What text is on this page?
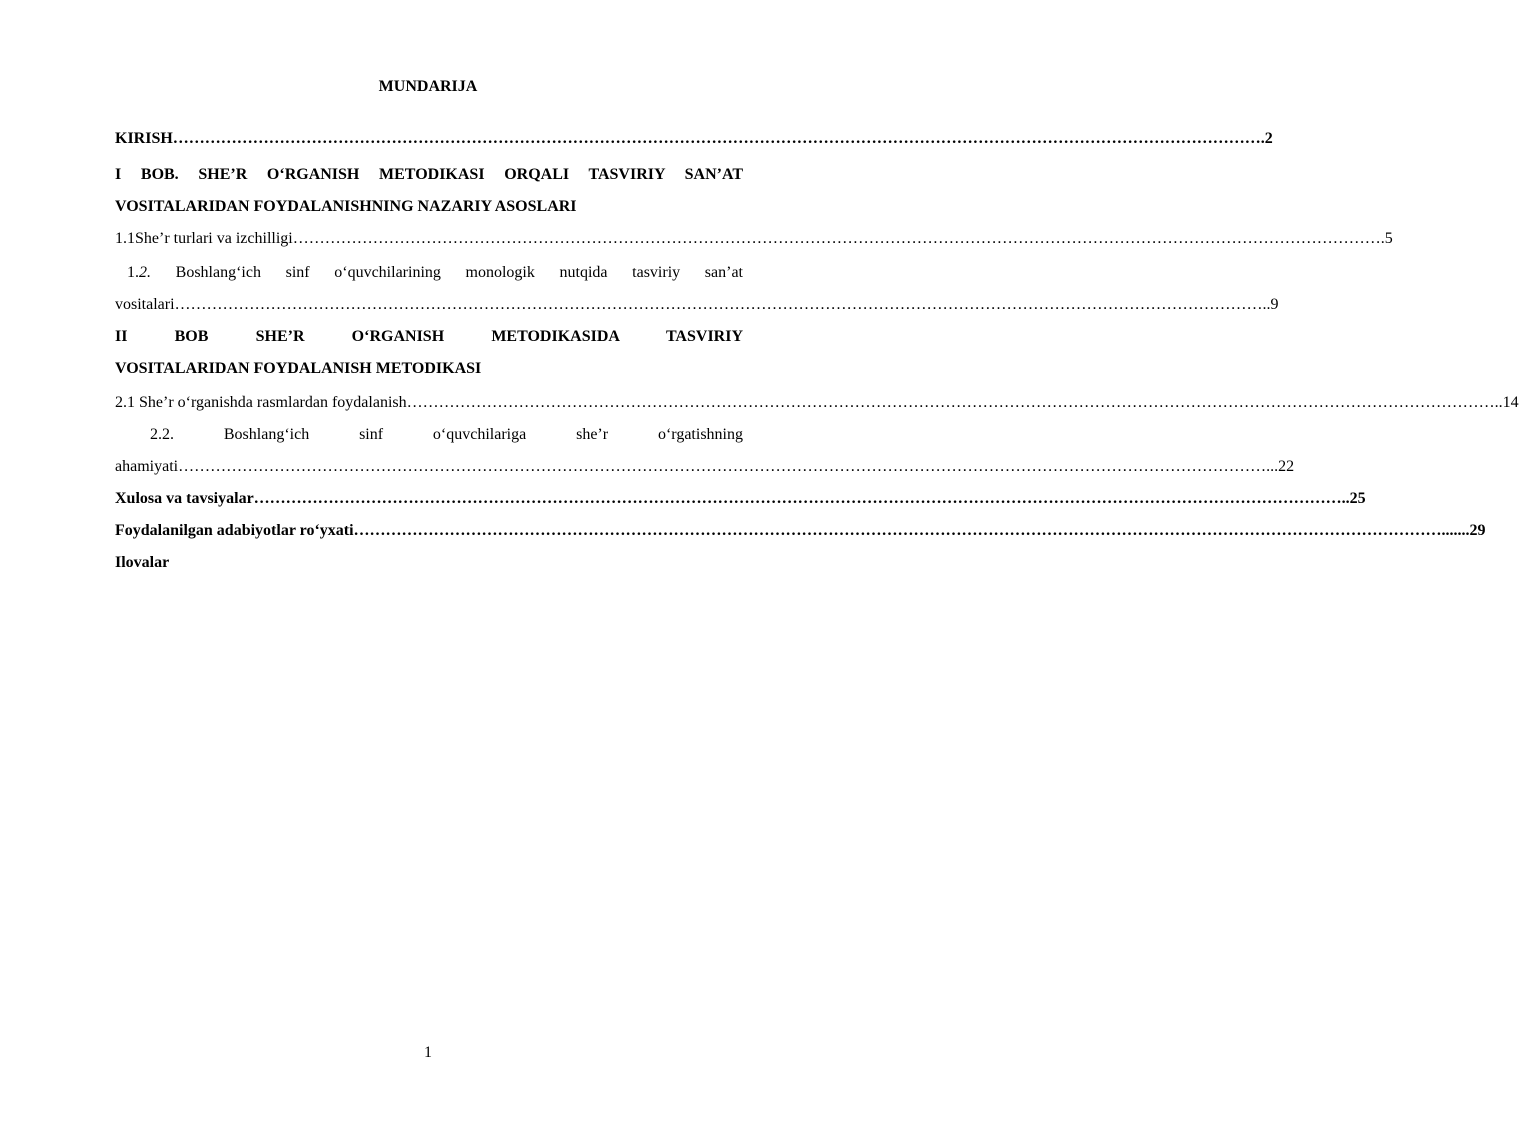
MUNDARIJA
KIRISH …………………………………………………………………………………………………………………………………………………………………………………… .2
I BOB. SHE’R O‘RGANISH METODIKASI ORQALI TASVIRIY SAN’AT
VOSITALARIDAN FOYDALANISHNING NAZARIY ASOSLARI
1.1She’r turlari va izchilligi …………………………………………………………………………………………………………………………………………………………………………………… .5
1.2. Boshlang‘ich sinf o‘quvchilarining monologik nutqida tasviriy san’at
vositalari …………………………………………………………………………………………………………………………………………………………………………………… ..9
II BOB SHE’R O‘RGANISH METODIKASIDA TASVIRIY
VOSITALARIDAN FOYDALANISH METODIKASI
2.1 She’r o‘rganishda rasmlardan foydalanish …………………………………………………………………………………………………………………………………………………………………………………… ..14
2.2. Boshlang‘ich sinf o‘quvchilariga she’r o‘rgatishning
ahamiyati …………………………………………………………………………………………………………………………………………………………………………………… ...22
Xulosa va tavsiyalar …………………………………………………………………………………………………………………………………………………………………………………… ..25
Foydalanilgan adabiyotlar ro‘yxati …………………………………………………………………………………………………………………………………………………………………………………… .......29
Ilovalar
1
